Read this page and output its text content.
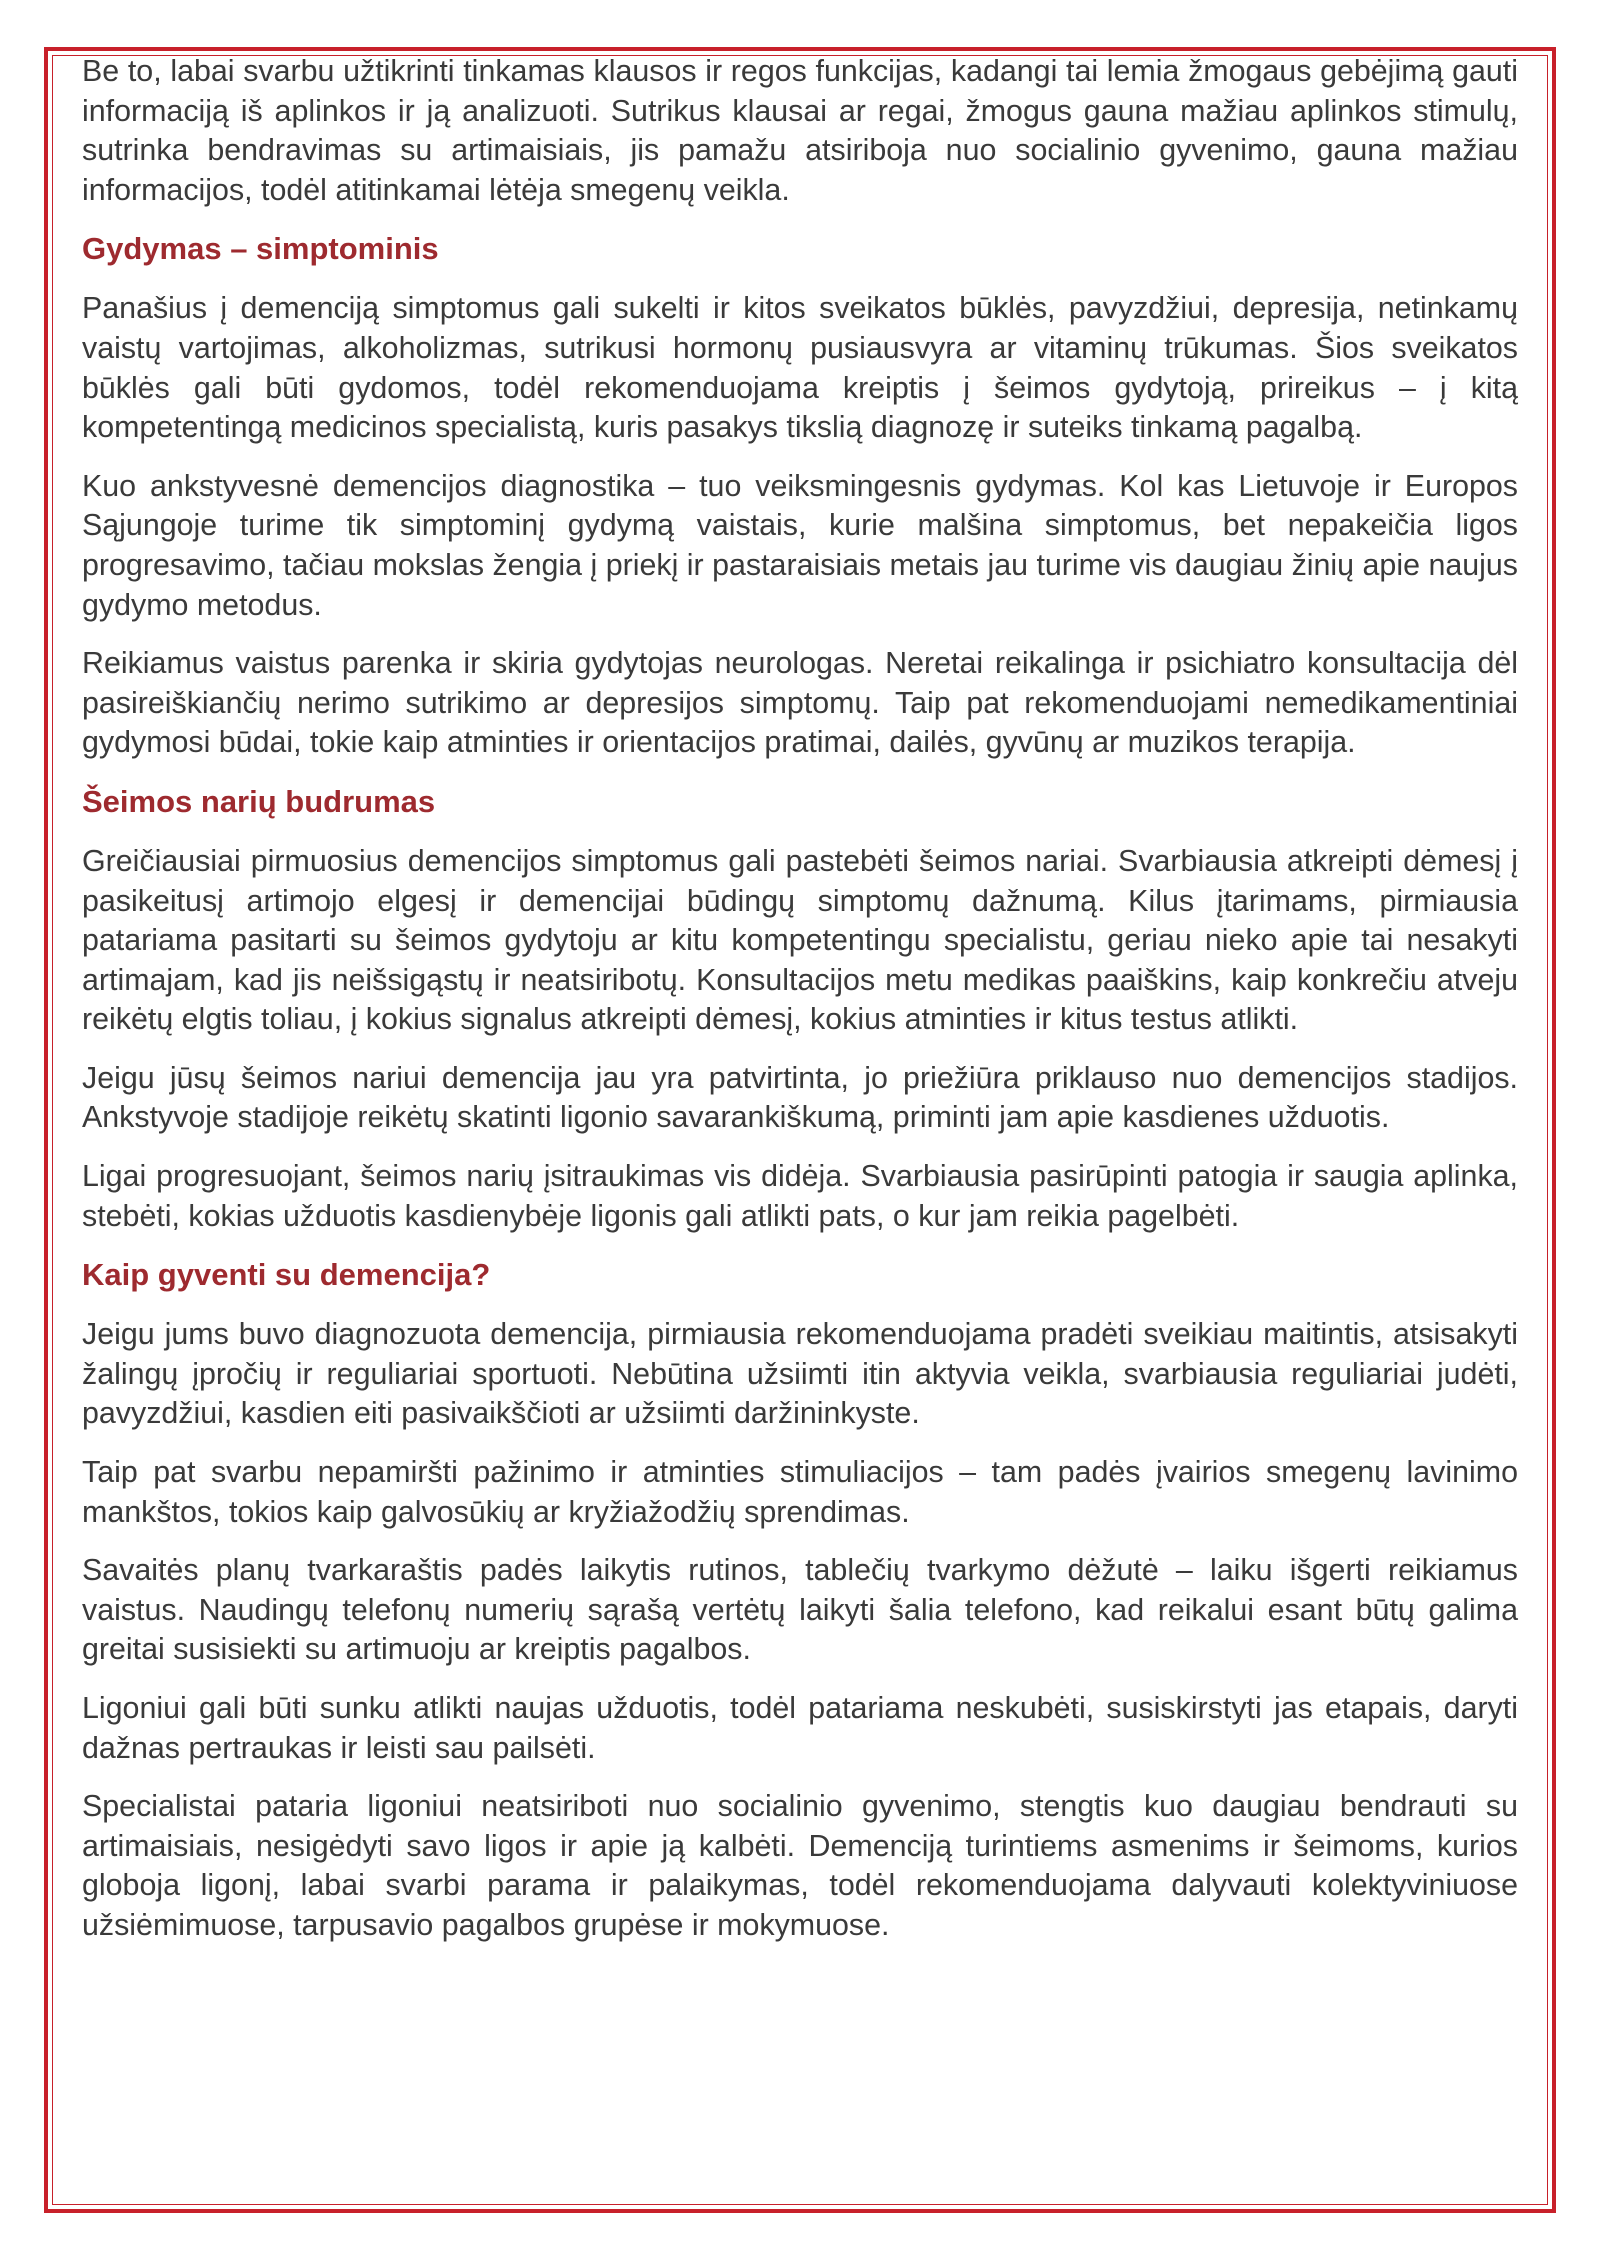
Be to, labai svarbu užtikrinti tinkamas klausos ir regos funkcijas, kadangi tai lemia žmogaus gebėjimą gauti informaciją iš aplinkos ir ją analizuoti. Sutrikus klausai ar regai, žmogus gauna mažiau aplinkos stimulų, sutrinka bendravimas su artimaisiais, jis pamažu atsiriboja nuo socialinio gyvenimo, gauna mažiau informacijos, todėl atitinkamai lėtėja smegenų veikla.

Gydymas – simptominis

Panašius į demenciją simptomus gali sukelti ir kitos sveikatos būklės, pavyzdžiui, depresija, netinkamų vaistų vartojimas, alkoholizmas, sutrikusi hormonų pusiausvyra ar vitaminų trūkumas. Šios sveikatos būklės gali būti gydomos, todėl rekomenduojama kreiptis į šeimos gydytoją, prireikus – į kitą kompetentingą medicinos specialistą, kuris pasakys tikslią diagnozę ir suteiks tinkamą pagalbą.

Kuo ankstyvesnė demencijos diagnostika – tuo veiksmingesnis gydymas. Kol kas Lietuvoje ir Europos Sąjungoje turime tik simptominį gydymą vaistais, kurie malšina simptomus, bet nepakeičia ligos progresavimo, tačiau mokslas žengia į priekį ir pastaraisiais metais jau turime vis daugiau žinių apie naujus gydymo metodus.

Reikiamus vaistus parenka ir skiria gydytojas neurologas. Neretai reikalinga ir psichiatro konsultacija dėl pasireiškiančių nerimo sutrikimo ar depresijos simptomų. Taip pat rekomenduojami nemedikamentiniai gydymosi būdai, tokie kaip atminties ir orientacijos pratimai, dailės, gyvūnų ar muzikos terapija.

Šeimos narių budrumas

Greičiausiai pirmuosius demencijos simptomus gali pastebėti šeimos nariai. Svarbiausia atkreipti dėmesį į pasikeitusį artimojo elgesį ir demencijai būdingų simptomų dažnumą. Kilus įtarimams, pirmiausia patariama pasitarti su šeimos gydytoju ar kitu kompetentingu specialistu, geriau nieko apie tai nesakyti artimajam, kad jis neišsigąstų ir neatsiribotų. Konsultacijos metu medikas paaiškins, kaip konkrečiu atveju reikėtų elgtis toliau, į kokius signalus atkreipti dėmesį, kokius atminties ir kitus testus atlikti.

Jeigu jūsų šeimos nariui demencija jau yra patvirtinta, jo priežiūra priklauso nuo demencijos stadijos. Ankstyvoje stadijoje reikėtų skatinti ligonio savarankiškumą, priminti jam apie kasdienes užduotis.

Ligai progresuojant, šeimos narių įsitraukimas vis didėja. Svarbiausia pasirūpinti patogia ir saugia aplinka, stebėti, kokias užduotis kasdienybėje ligonis gali atlikti pats, o kur jam reikia pagelbėti.

Kaip gyventi su demencija?

Jeigu jums buvo diagnozuota demencija, pirmiausia rekomenduojama pradėti sveikiau maitintis, atsisakyti žalingų įpročių ir reguliariai sportuoti. Nebūtina užsiimti itin aktyvia veikla, svarbiausia reguliariai judėti, pavyzdžiui, kasdien eiti pasivaikščioti ar užsiimti daržininkyste.

Taip pat svarbu nepamiršti pažinimo ir atminties stimuliacijos – tam padės įvairios smegenų lavinimo mankštos, tokios kaip galvosūkių ar kryžiažodžių sprendimas.

Savaitės planų tvarkaraštis padės laikytis rutinos, tablečių tvarkymo dėžutė – laiku išgerti reikiamus vaistus. Naudingų telefonų numerių sąrašą vertėtų laikyti šalia telefono, kad reikalui esant būtų galima greitai susisiekti su artimuoju ar kreiptis pagalbos.

Ligoniui gali būti sunku atlikti naujas užduotis, todėl patariama neskubėti, susiskirstyti jas etapais, daryti dažnas pertraukas ir leisti sau pailsėti.

Specialistai pataria ligoniui neatsiriboti nuo socialinio gyvenimo, stengtis kuo daugiau bendrauti su artimaisiais, nesigėdyti savo ligos ir apie ją kalbėti. Demenciją turintiems asmenims ir šeimoms, kurios globoja ligonį, labai svarbi parama ir palaikymas, todėl rekomenduojama dalyvauti kolektyviniuose užsiėmimuose, tarpusavio pagalbos grupėse ir mokymuose.
